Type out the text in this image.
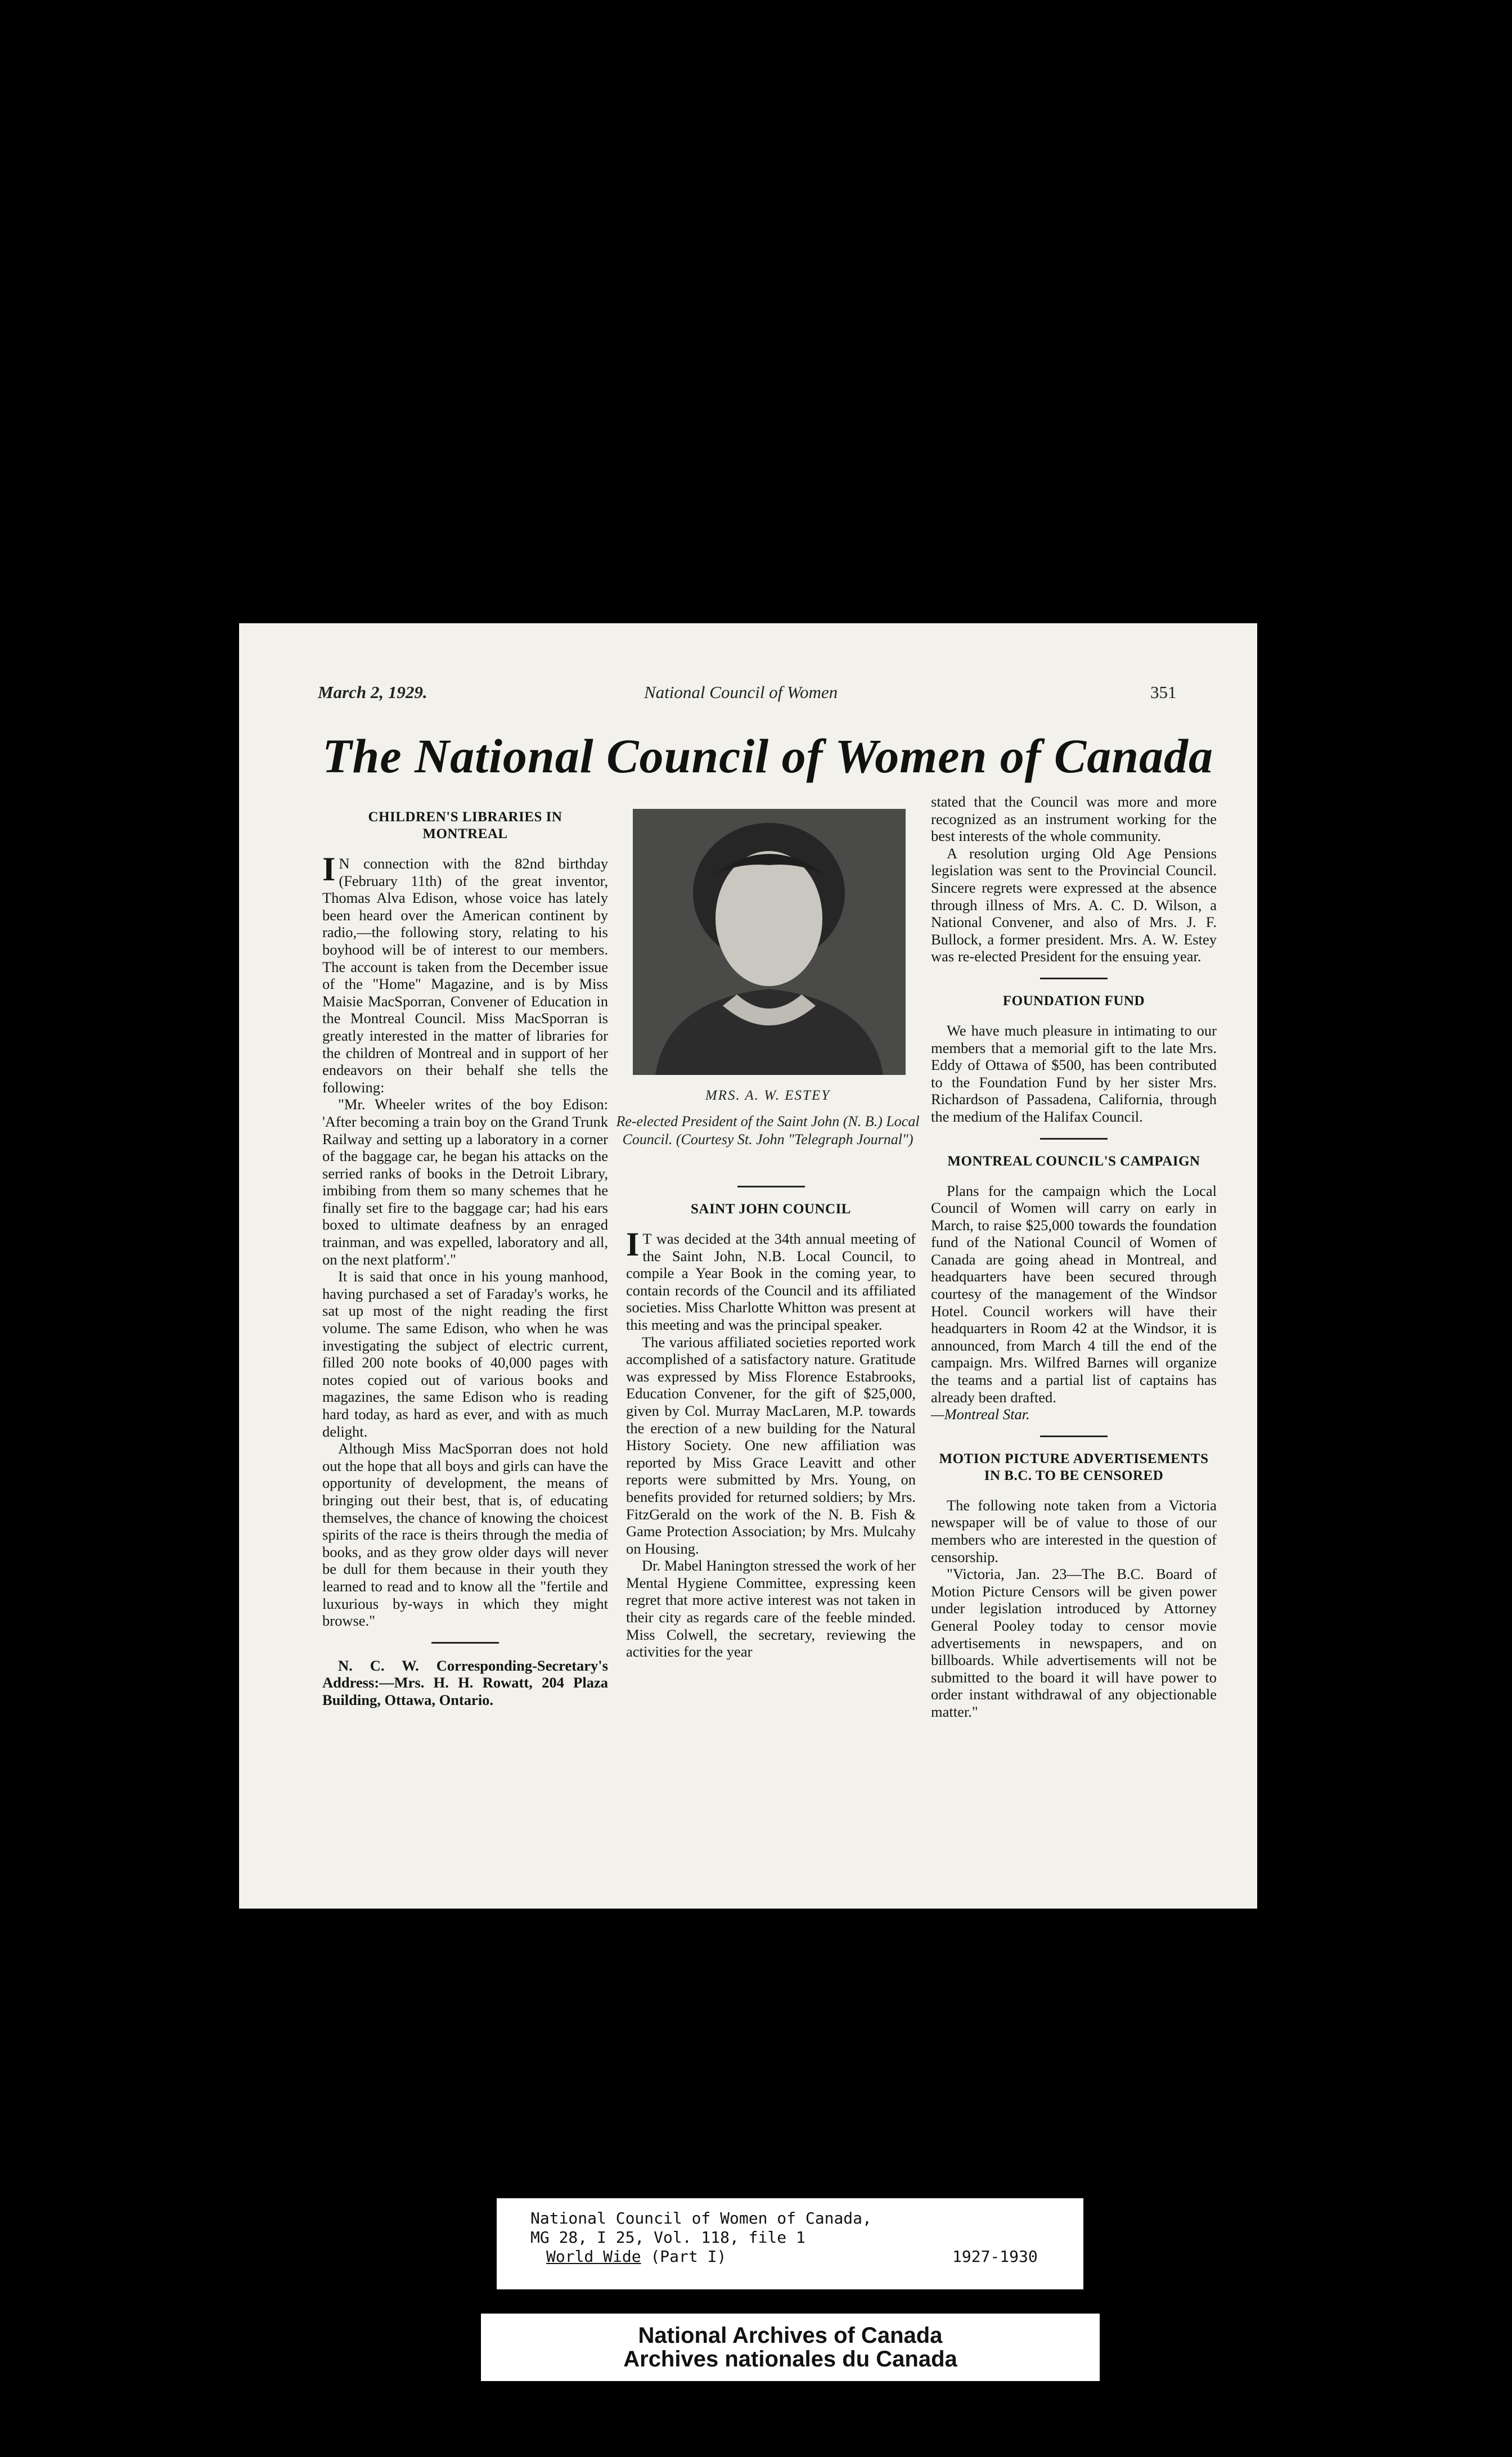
March 2, 1929.	National Council of Women	351
The National Council of Women of Canada
CHILDREN'S LIBRARIES IN MONTREAL

I N connection with the 82nd birthday (February 11th) of the great inventor, Thomas Alva Edison, whose voice has lately been heard over the American continent by radio,—the following story, relating to his boyhood will be of interest to our members. The account is taken from the December issue of the "Home" Magazine, and is by Miss Maisie MacSporran, Convener of Education in the Montreal Council. Miss MacSporran is greatly interested in the matter of libraries for the children of Montreal and in support of her endeavors on their behalf she tells the following:

"Mr. Wheeler writes of the boy Edison: 'After becoming a train boy on the Grand Trunk Railway and setting up a laboratory in a corner of the baggage car, he began his attacks on the serried ranks of books in the Detroit Library, imbibing from them so many schemes that he finally set fire to the baggage car; had his ears boxed to ultimate deafness by an enraged trainman, and was expelled, laboratory and all, on the next platform'."

It is said that once in his young manhood, having purchased a set of Faraday's works, he sat up most of the night reading the first volume. The same Edison, who when he was investigating the subject of electric current, filled 200 note books of 40,000 pages with notes copied out of various books and magazines, the same Edison who is reading hard today, as hard as ever, and with as much delight.

Although Miss MacSporran does not hold out the hope that all boys and girls can have the opportunity of development, the means of bringing out their best, that is, of educating themselves, the chance of knowing the choicest spirits of the race is theirs through the media of books, and as they grow older days will never be dull for them because in their youth they learned to read and to know all the "fertile and luxurious by-ways in which they might browse."

N. C. W. Corresponding-Secretary's Address:—Mrs. H. H. Rowatt, 204 Plaza Building, Ottawa, Ontario.

MRS. A. W. ESTEY
Re-elected President of the Saint John (N. B.) Local Council. (Courtesy St. John "Telegraph Journal")
SAINT JOHN COUNCIL

I T was decided at the 34th annual meeting of the Saint John, N.B. Local Council, to compile a Year Book in the coming year, to contain records of the Council and its affiliated societies. Miss Charlotte Whitton was present at this meeting and was the principal speaker.

The various affiliated societies reported work accomplished of a satisfactory nature. Gratitude was expressed by Miss Florence Estabrooks, Education Convener, for the gift of $25,000, given by Col. Murray MacLaren, M.P. towards the erection of a new building for the Natural History Society. One new affiliation was reported by Miss Grace Leavitt and other reports were submitted by Mrs. Young, on benefits provided for returned soldiers; by Mrs. FitzGerald on the work of the N. B. Fish & Game Protection Association; by Mrs. Mulcahy on Housing.

Dr. Mabel Hanington stressed the work of her Mental Hygiene Committee, expressing keen regret that more active interest was not taken in their city as regards care of the feeble minded. Miss Colwell, the secretary, reviewing the activities for the year

stated that the Council was more and more recognized as an instrument working for the best interests of the whole community.

A resolution urging Old Age Pensions legislation was sent to the Provincial Council. Sincere regrets were expressed at the absence through illness of Mrs. A. C. D. Wilson, a National Convener, and also of Mrs. J. F. Bullock, a former president. Mrs. A. W. Estey was re-elected President for the ensuing year.

FOUNDATION FUND

We have much pleasure in intimating to our members that a memorial gift to the late Mrs. Eddy of Ottawa of $500, has been contributed to the Foundation Fund by her sister Mrs. Richardson of Passadena, California, through the medium of the Halifax Council.

MONTREAL COUNCIL'S CAMPAIGN

Plans for the campaign which the Local Council of Women will carry on early in March, to raise $25,000 towards the foundation fund of the National Council of Women of Canada are going ahead in Montreal, and headquarters have been secured through courtesy of the management of the Windsor Hotel. Council workers will have their headquarters in Room 42 at the Windsor, it is announced, from March 4 till the end of the campaign. Mrs. Wilfred Barnes will organize the teams and a partial list of captains has already been drafted.
—Montreal Star.

MOTION PICTURE ADVERTISEMENTS IN B.C. TO BE CENSORED

The following note taken from a Victoria newspaper will be of value to those of our members who are interested in the question of censorship.

"Victoria, Jan. 23—The B.C. Board of Motion Picture Censors will be given power under legislation introduced by Attorney General Pooley today to censor movie advertisements in newspapers, and on billboards. While advertisements will not be submitted to the board it will have power to order instant withdrawal of any objectionable matter."

National Council of Women of Canada,
MG 28, I 25, Vol. 118, file 1
World Wide (Part I)	1927-1930
National Archives of Canada
Archives nationales du Canada
